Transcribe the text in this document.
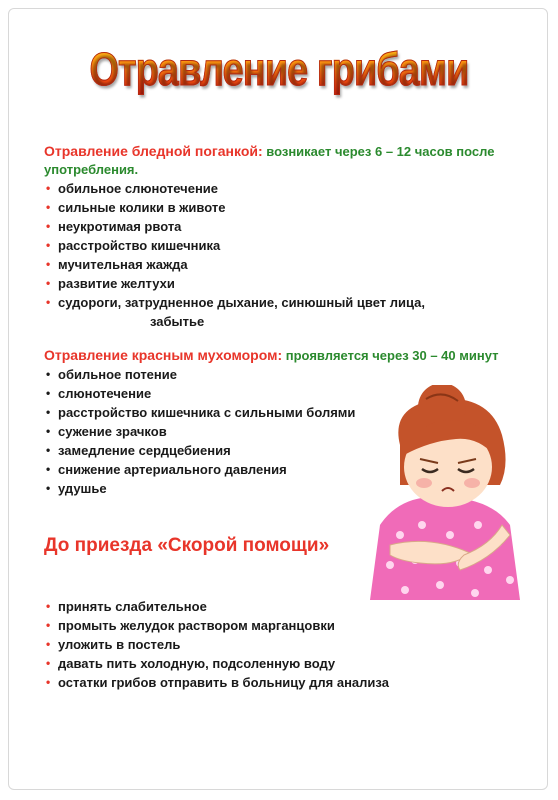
Отравление грибами
Отравление бледной поганкой: возникает через 6 – 12 часов после употребления.
• обильное слюнотечение
• сильные колики в животе
• неукротимая рвота
• расстройство кишечника
• мучительная жажда
• развитие желтухи
• судороги, затрудненное дыхание, синюшный цвет лица,
забытье
Отравление красным мухомором: проявляется через 30 – 40 минут
• обильное потение
• слюнотечение
• расстройство кишечника с сильными болями
• сужение зрачков
• замедление сердцебиения
• снижение артериального давления
• удушье
До приезда «Скорой помощи»
• принять слабительное
• промыть желудок раствором марганцовки
• уложить в постель
• давать пить холодную, подсоленную воду
• остатки грибов отправить в больницу для анализа
